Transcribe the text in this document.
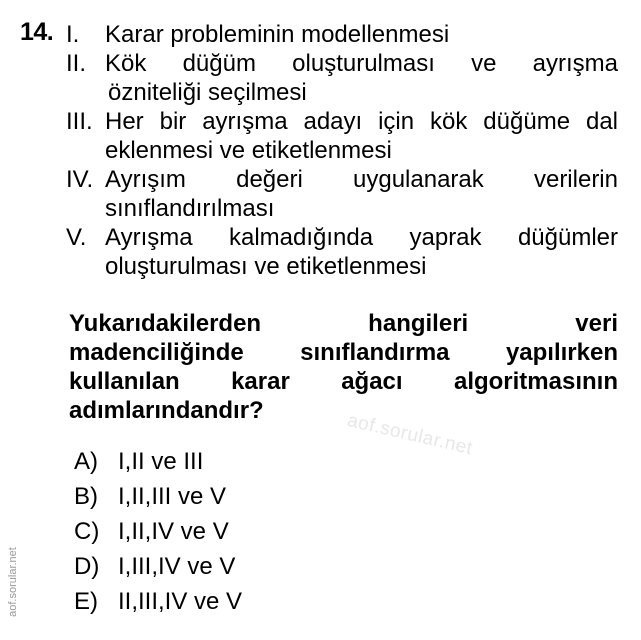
14. I. Karar probleminin modellenmesi
II. Kök düğüm oluşturulması ve ayrışma
özniteliği seçilmesi
III. Her bir ayrışma adayı için kök düğüme dal
eklenmesi ve etiketlenmesi
IV. Ayrışım değeri uygulanarak verilerin
sınıflandırılması
V. Ayrışma kalmadığında yaprak düğümler
oluşturulması ve etiketlenmesi
Yukarıdakilerden hangileri veri
madenciliğinde sınıflandırma yapılırken
kullanılan karar ağacı algoritmasının
adımlarındandır?
A) I,II ve III
B) I,II,III ve V
C) I,II,IV ve V
D) I,III,IV ve V
E) II,III,IV ve V
aof.sorular.net
aof.sorular.net
